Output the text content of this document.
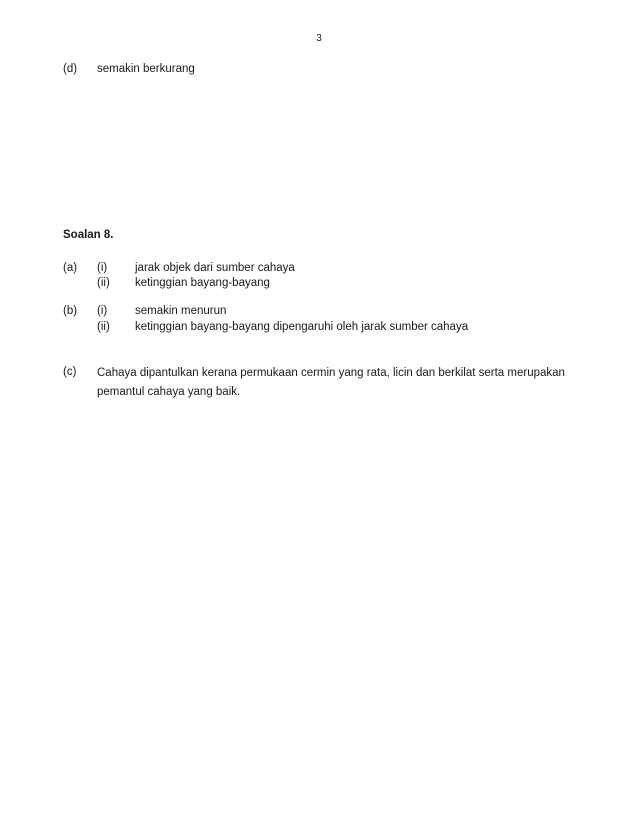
3
(d) semakin berkurang
Soalan 8.
(a) (i) jarak objek dari sumber cahaya
(ii) ketinggian bayang-bayang
(b) (i) semakin menurun
(ii) ketinggian bayang-bayang dipengaruhi oleh jarak sumber cahaya
(c)	Cahaya dipantulkan kerana permukaan cermin yang rata, licin dan berkilat serta merupakan pemantul cahaya yang baik.
